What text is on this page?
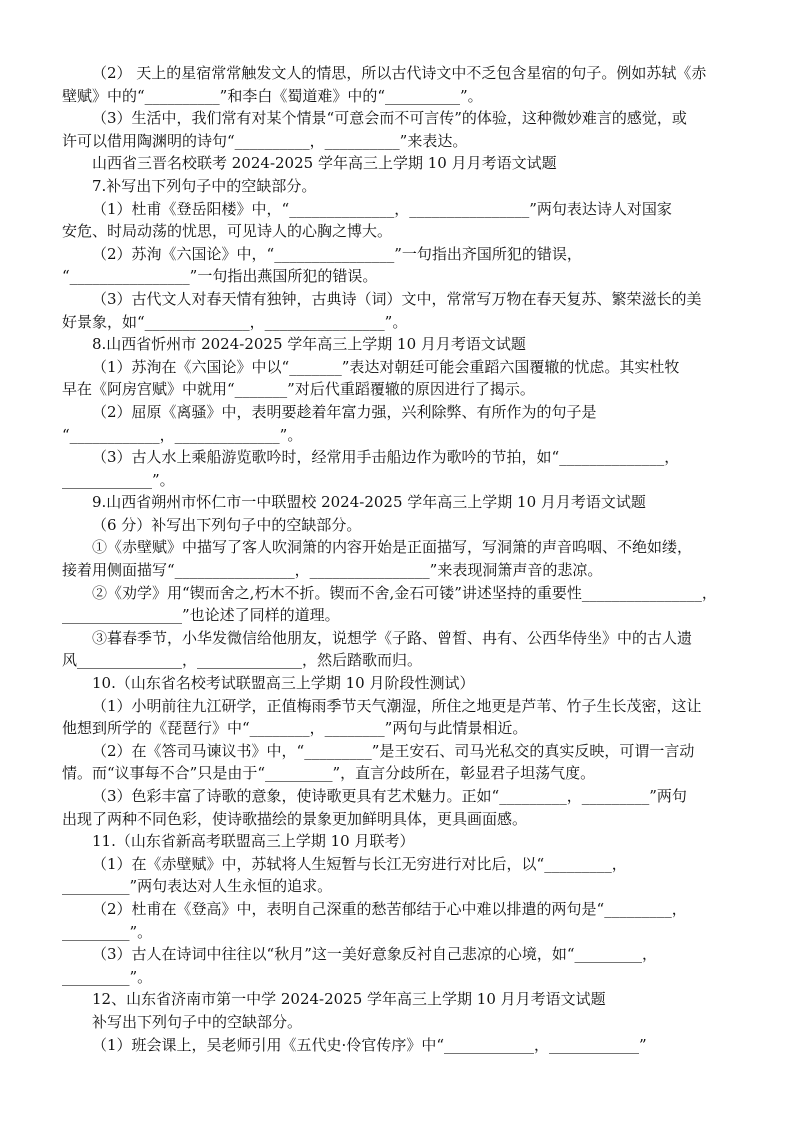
（2） 天上的星宿常常触发文人的情思，所以古代诗文中不乏包含星宿的句子。例如苏轼《赤

壁赋》中的“__________”和李白《蜀道难》中的“__________”。

（3）生活中，我们常有对某个情景“可意会而不可言传”的体验，这种微妙难言的感觉，或

许可以借用陶渊明的诗句“__________，__________”来表达。

山西省三晋名校联考 2024-2025 学年高三上学期 10 月月考语文试题

7.补写出下列句子中的空缺部分。

（1）杜甫《登岳阳楼》中，“______________，________________”两句表达诗人对国家

安危、时局动荡的忧思，可见诗人的心胸之博大。

（2）苏洵《六国论》中，“________________”一句指出齐国所犯的错误，

“________________”一句指出燕国所犯的错误。

（3）古代文人对春天情有独钟，古典诗（词）文中，常常写万物在春天复苏、繁荣滋长的美

好景象，如“______________，________________”。

8.山西省忻州市 2024-2025 学年高三上学期 10 月月考语文试题

（1）苏洵在《六国论》中以“_______”表达对朝廷可能会重蹈六国覆辙的忧虑。其实杜牧

早在《阿房宫赋》中就用“_______”对后代重蹈覆辙的原因进行了揭示。

（2）屈原《离骚》中，表明要趁着年富力强，兴利除弊、有所作为的句子是

“____________，______________”。

（3）古人水上乘船游览歌吟时，经常用手击船边作为歌吟的节拍，如“______________，

____________”。

9.山西省朔州市怀仁市一中联盟校 2024-2025 学年高三上学期 10 月月考语文试题

（6 分）补写出下列句子中的空缺部分。

①《赤壁赋》中描写了客人吹洞箫的内容开始是正面描写，写洞箫的声音呜咽、不绝如缕，

接着用侧面描写“________________，________________”来表现洞箫声音的悲凉。

②《劝学》用“锲而舍之,朽木不折。锲而不舍,金石可镂”讲述坚持的重要性________________，

________________”也论述了同样的道理。

③暮春季节，小华发微信给他朋友，说想学《子路、曾皙、冉有、公西华侍坐》中的古人遗

风______________，______________，然后踏歌而归。

10.（山东省名校考试联盟高三上学期 10 月阶段性测试）

（1）小明前往九江研学，正值梅雨季节天气潮湿，所住之地更是芦苇、竹子生长茂密，这让

他想到所学的《琵琶行》中“________，________”两句与此情景相近。

（2）在《答司马谏议书》中，“_________”是王安石、司马光私交的真实反映，可谓一言动

情。而“议事每不合”只是由于“_________”，直言分歧所在，彰显君子坦荡气度。

（3）色彩丰富了诗歌的意象，使诗歌更具有艺术魅力。正如“_________，_________”两句

出现了两种不同色彩，使诗歌描绘的景象更加鲜明具体，更具画面感。

11.（山东省新高考联盟高三上学期 10 月联考）

（1）在《赤壁赋》中，苏轼将人生短暂与长江无穷进行对比后，以“_________，

_________”两句表达对人生永恒的追求。

（2）杜甫在《登高》中，表明自己深重的愁苦郁结于心中难以排遣的两句是“_________，

_________”。

（3）古人在诗词中往往以“秋月”这一美好意象反衬自己悲凉的心境，如“_________，

_________”。

12、山东省济南市第一中学 2024-2025 学年高三上学期 10 月月考语文试题

补写出下列句子中的空缺部分。

（1）班会课上，吴老师引用《五代史·伶官传序》中“____________，____________”
